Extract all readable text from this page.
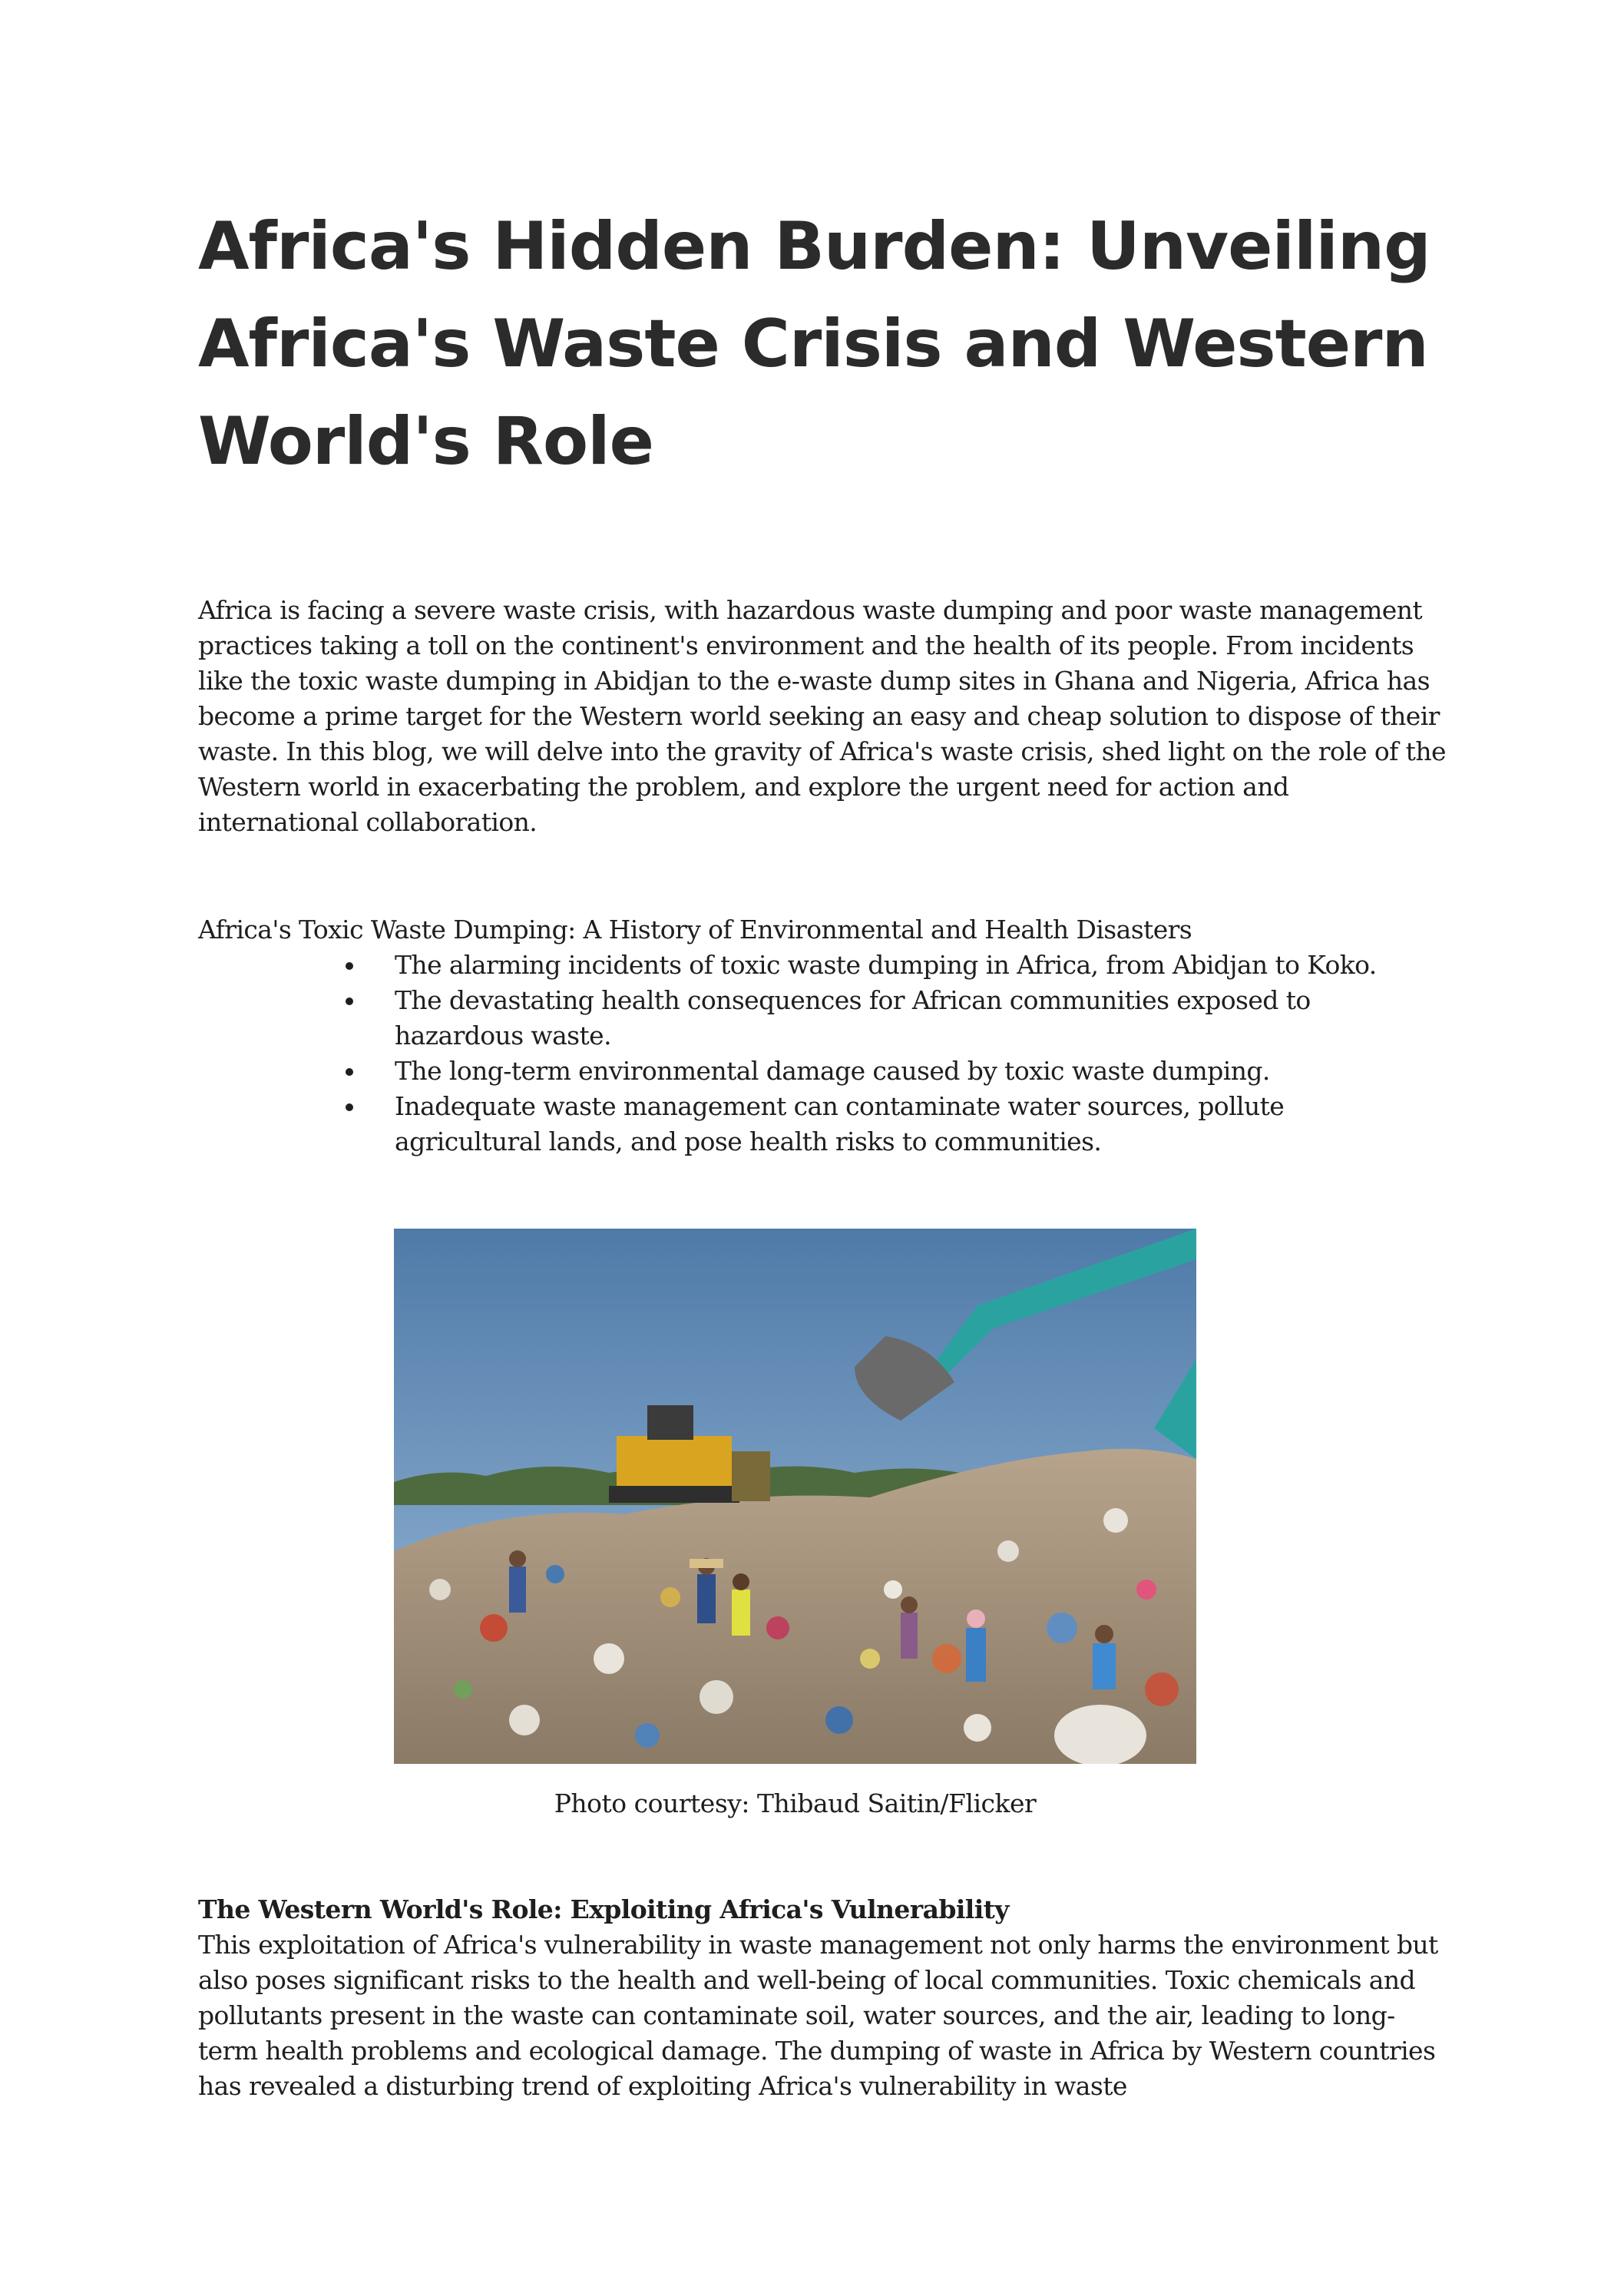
Africa's Hidden Burden: Unveiling Africa's Waste Crisis and Western World's Role

Africa is facing a severe waste crisis, with hazardous waste dumping and poor waste management practices taking a toll on the continent's environment and the health of its people. From incidents like the toxic waste dumping in Abidjan to the e-waste dump sites in Ghana and Nigeria, Africa has become a prime target for the Western world seeking an easy and cheap solution to dispose of their waste. In this blog, we will delve into the gravity of Africa's waste crisis, shed light on the role of the Western world in exacerbating the problem, and explore the urgent need for action and international collaboration.

Africa's Toxic Waste Dumping: A History of Environmental and Health Disasters

The alarming incidents of toxic waste dumping in Africa, from Abidjan to Koko.
The devastating health consequences for African communities exposed to hazardous waste.
The long-term environmental damage caused by toxic waste dumping.
Inadequate waste management can contaminate water sources, pollute agricultural lands, and pose health risks to communities.

Photo courtesy: Thibaud Saitin/Flicker

The Western World's Role: Exploiting Africa's Vulnerability

This exploitation of Africa's vulnerability in waste management not only harms the environment but also poses significant risks to the health and well-being of local communities. Toxic chemicals and pollutants present in the waste can contaminate soil, water sources, and the air, leading to long-term health problems and ecological damage. The dumping of waste in Africa by Western countries has revealed a disturbing trend of exploiting Africa's vulnerability in waste
